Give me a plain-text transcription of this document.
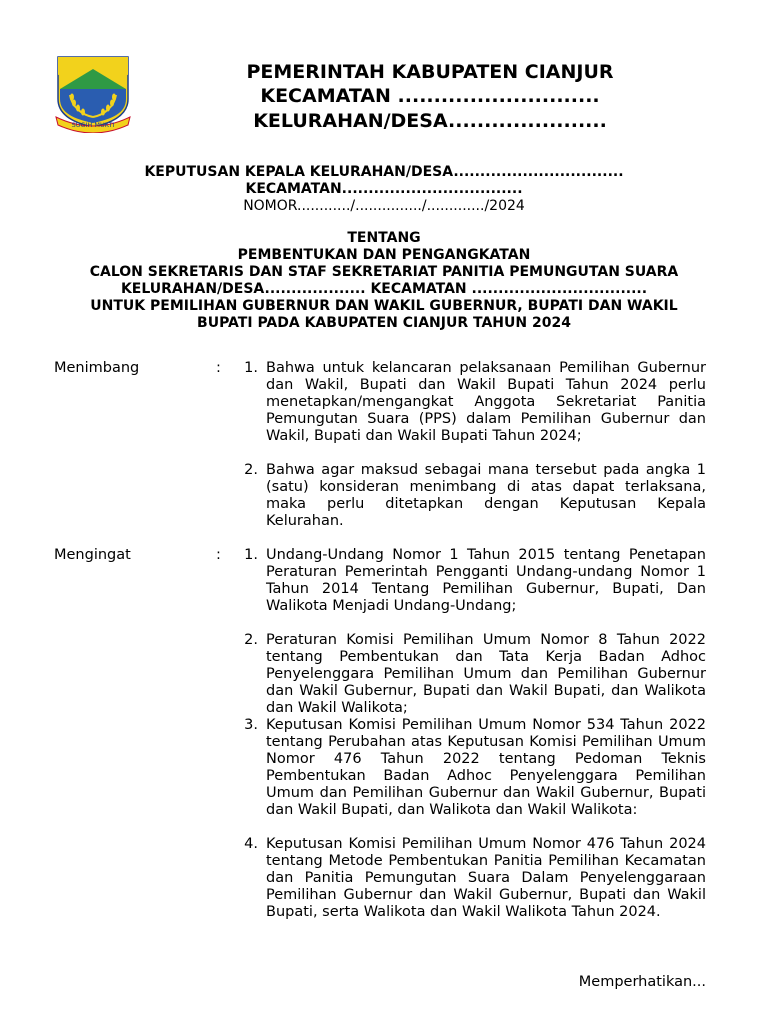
SUGIH MUKTI
PEMERINTAH KABUPATEN CIANJUR
KECAMATAN ............................
KELURAHAN/DESA......................
KEPUTUSAN KEPALA KELURAHAN/DESA................................
KECAMATAN..................................
NOMOR............/.............../............./2024
TENTANG
PEMBENTUKAN DAN PENGANGKATAN
CALON SEKRETARIS DAN STAF SEKRETARIAT PANITIA PEMUNGUTAN SUARA
KELURAHAN/DESA................... KECAMATAN .................................
UNTUK PEMILIHAN GUBERNUR DAN WAKIL GUBERNUR, BUPATI DAN WAKIL
BUPATI PADA KABUPATEN CIANJUR TAHUN 2024
Menimbang	:	1. Bahwa untuk kelancaran pelaksanaan Pemilihan Gubernur dan Wakil, Bupati dan Wakil Bupati Tahun 2024 perlu menetapkan/mengangkat Anggota Sekretariat Panitia Pemungutan Suara (PPS) dalam Pemilihan Gubernur dan Wakil, Bupati dan Wakil Bupati Tahun 2024;
2. Bahwa agar maksud sebagai mana tersebut pada angka 1 (satu) konsideran menimbang di atas dapat terlaksana, maka perlu ditetapkan dengan Keputusan Kepala Kelurahan.
Mengingat	:	1. Undang-Undang Nomor 1 Tahun 2015 tentang Penetapan Peraturan Pemerintah Pengganti Undang-undang Nomor 1 Tahun 2014 Tentang Pemilihan Gubernur, Bupati, Dan Walikota Menjadi Undang-Undang;
2. Peraturan Komisi Pemilihan Umum Nomor 8 Tahun 2022 tentang Pembentukan dan Tata Kerja Badan Adhoc Penyelenggara Pemilihan Umum dan Pemilihan Gubernur dan Wakil Gubernur, Bupati dan Wakil Bupati, dan Walikota dan Wakil Walikota;
3. Keputusan Komisi Pemilihan Umum Nomor 534 Tahun 2022 tentang Perubahan atas Keputusan Komisi Pemilihan Umum Nomor 476 Tahun 2022 tentang Pedoman Teknis Pembentukan Badan Adhoc Penyelenggara Pemilihan Umum dan Pemilihan Gubernur dan Wakil Gubernur, Bupati dan Wakil Bupati, dan Walikota dan Wakil Walikota:
4. Keputusan Komisi Pemilihan Umum Nomor 476 Tahun 2024 tentang Metode Pembentukan Panitia Pemilihan Kecamatan dan Panitia Pemungutan Suara Dalam Penyelenggaraan Pemilihan Gubernur dan Wakil Gubernur, Bupati dan Wakil Bupati, serta Walikota dan Wakil Walikota Tahun 2024.
Memperhatikan...
